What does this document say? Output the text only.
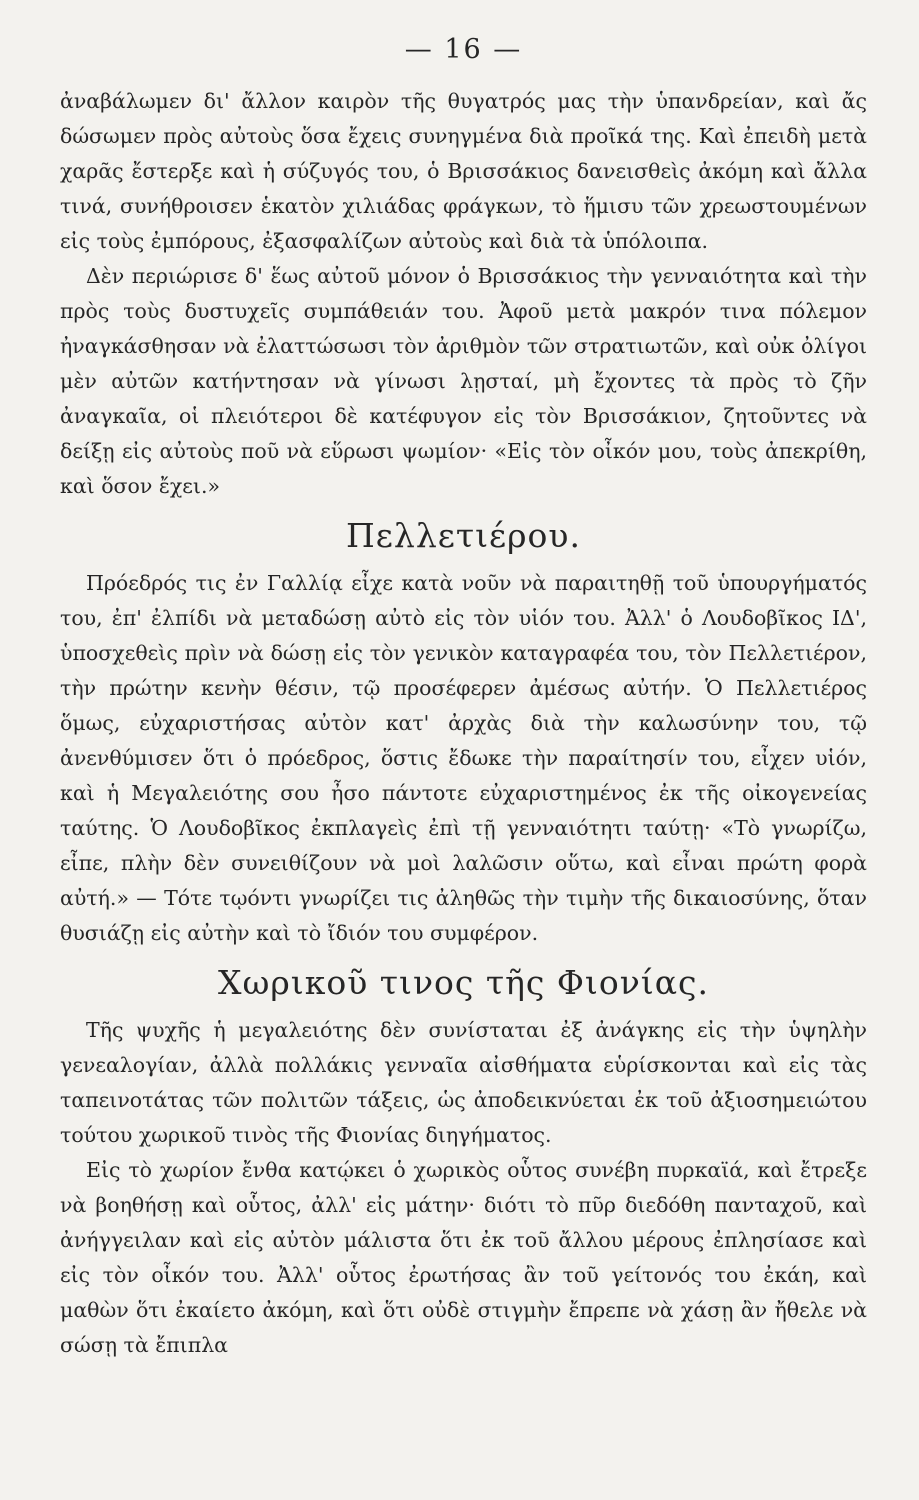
— 16 —

ἀναβάλωμεν δι' ἄλλον καιρὸν τῆς θυγατρός μας τὴν ὑπανδρείαν, καὶ ἄς δώσωμεν πρὸς αὐτοὺς ὅσα ἔχεις συνηγμένα διὰ προῖκά της. Καὶ ἐπειδὴ μετὰ χαρᾶς ἔστερξε καὶ ἡ σύζυγός του, ὁ Βρισσάκιος δανεισθεὶς ἀκόμη καὶ ἄλλα τινά, συνήθροισεν ἑκατὸν χιλιάδας φράγκων, τὸ ἥμισυ τῶν χρεωστουμένων εἰς τοὺς ἐμπόρους, ἐξασφαλίζων αὐτοὺς καὶ διὰ τὰ ὑπόλοιπα.

Δὲν περιώρισε δ' ἕως αὐτοῦ μόνον ὁ Βρισσάκιος τὴν γενναιότητα καὶ τὴν πρὸς τοὺς δυστυχεῖς συμπάθειάν του. Ἀφοῦ μετὰ μακρόν τινα πόλεμον ἠναγκάσθησαν νὰ ἐλαττώσωσι τὸν ἀριθμὸν τῶν στρατιωτῶν, καὶ οὐκ ὀλίγοι μὲν αὐτῶν κατήντησαν νὰ γίνωσι λῃσταί, μὴ ἔχοντες τὰ πρὸς τὸ ζῆν ἀναγκαῖα, οἱ πλειότεροι δὲ κατέφυγον εἰς τὸν Βρισσάκιον, ζητοῦντες νὰ δείξῃ εἰς αὐτοὺς ποῦ νὰ εὕρωσι ψωμίον· «Εἰς τὸν οἶκόν μου, τοὺς ἀπεκρίθη, καὶ ὅσον ἔχει.»

Πελλετιέρου.

Πρόεδρός τις ἐν Γαλλίᾳ εἶχε κατὰ νοῦν νὰ παραιτηθῇ τοῦ ὑπουργήματός του, ἐπ' ἐλπίδι νὰ μεταδώσῃ αὐτὸ εἰς τὸν υἱόν του. Ἀλλ' ὁ Λουδοβῖκος ΙΔ', ὑποσχεθεὶς πρὶν νὰ δώσῃ εἰς τὸν γενικὸν καταγραφέα του, τὸν Πελλετιέρον, τὴν πρώτην κενὴν θέσιν, τῷ προσέφερεν ἀμέσως αὐτήν. Ὁ Πελλετιέρος ὅμως, εὐχαριστήσας αὐτὸν κατ' ἀρχὰς διὰ τὴν καλωσύνην του, τῷ ἀνενθύμισεν ὅτι ὁ πρόεδρος, ὅστις ἔδωκε τὴν παραίτησίν του, εἶχεν υἱόν, καὶ ἡ Μεγαλειότης σου ἦσο πάντοτε εὐχαριστημένος ἐκ τῆς οἰκογενείας ταύτης. Ὁ Λουδοβῖκος ἐκπλαγεὶς ἐπὶ τῇ γενναιότητι ταύτῃ· «Τὸ γνωρίζω, εἶπε, πλὴν δὲν συνειθίζουν νὰ μοὶ λαλῶσιν οὕτω, καὶ εἶναι πρώτη φορὰ αὐτή.» — Τότε τῳόντι γνωρίζει τις ἀληθῶς τὴν τιμὴν τῆς δικαιοσύνης, ὅταν θυσιάζῃ εἰς αὐτὴν καὶ τὸ ἴδιόν του συμφέρον.

Χωρικοῦ τινος τῆς Φιονίας.

Τῆς ψυχῆς ἡ μεγαλειότης δὲν συνίσταται ἐξ ἀνάγκης εἰς τὴν ὑψηλὴν γενεαλογίαν, ἀλλὰ πολλάκις γενναῖα αἰσθήματα εὑρίσκονται καὶ εἰς τὰς ταπεινοτάτας τῶν πολιτῶν τάξεις, ὡς ἀποδεικνύεται ἐκ τοῦ ἀξιοσημειώτου τούτου χωρικοῦ τινὸς τῆς Φιονίας διηγήματος.

Εἰς τὸ χωρίον ἔνθα κατῴκει ὁ χωρικὸς οὗτος συνέβη πυρκαϊά, καὶ ἔτρεξε νὰ βοηθήσῃ καὶ οὗτος, ἀλλ' εἰς μάτην· διότι τὸ πῦρ διεδόθη πανταχοῦ, καὶ ἀνήγγειλαν καὶ εἰς αὐτὸν μάλιστα ὅτι ἐκ τοῦ ἄλλου μέρους ἐπλησίασε καὶ εἰς τὸν οἶκόν του. Ἀλλ' οὗτος ἐρωτήσας ἂν τοῦ γείτονός του ἐκάη, καὶ μαθὼν ὅτι ἐκαίετο ἀκόμη, καὶ ὅτι οὐδὲ στιγμὴν ἔπρεπε νὰ χάσῃ ἂν ἤθελε νὰ σώσῃ τὰ ἔπιπλα
